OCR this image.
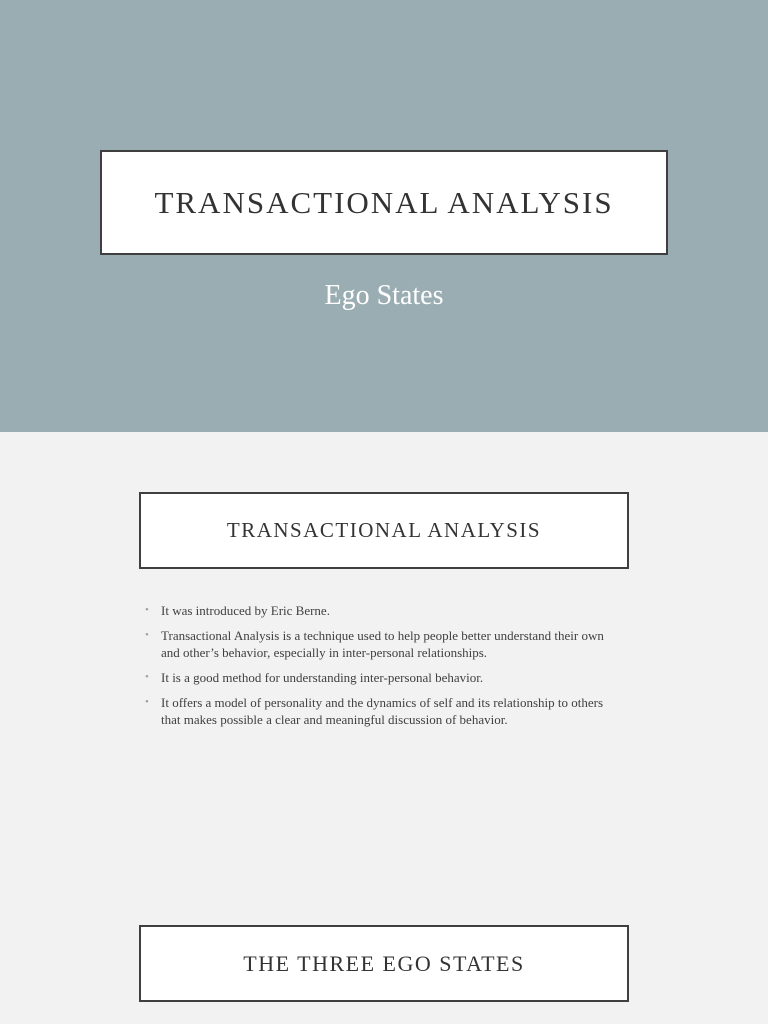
TRANSACTIONAL ANALYSIS
Ego States
TRANSACTIONAL ANALYSIS
• It was introduced by Eric Berne.
• Transactional Analysis is a technique used to help people better understand their own and other’s behavior, especially in inter-personal relationships.
• It is a good method for understanding inter-personal behavior.
• It offers a model of personality and the dynamics of self and its relationship to others that makes possible a clear and meaningful discussion of behavior.
THE THREE EGO STATES
